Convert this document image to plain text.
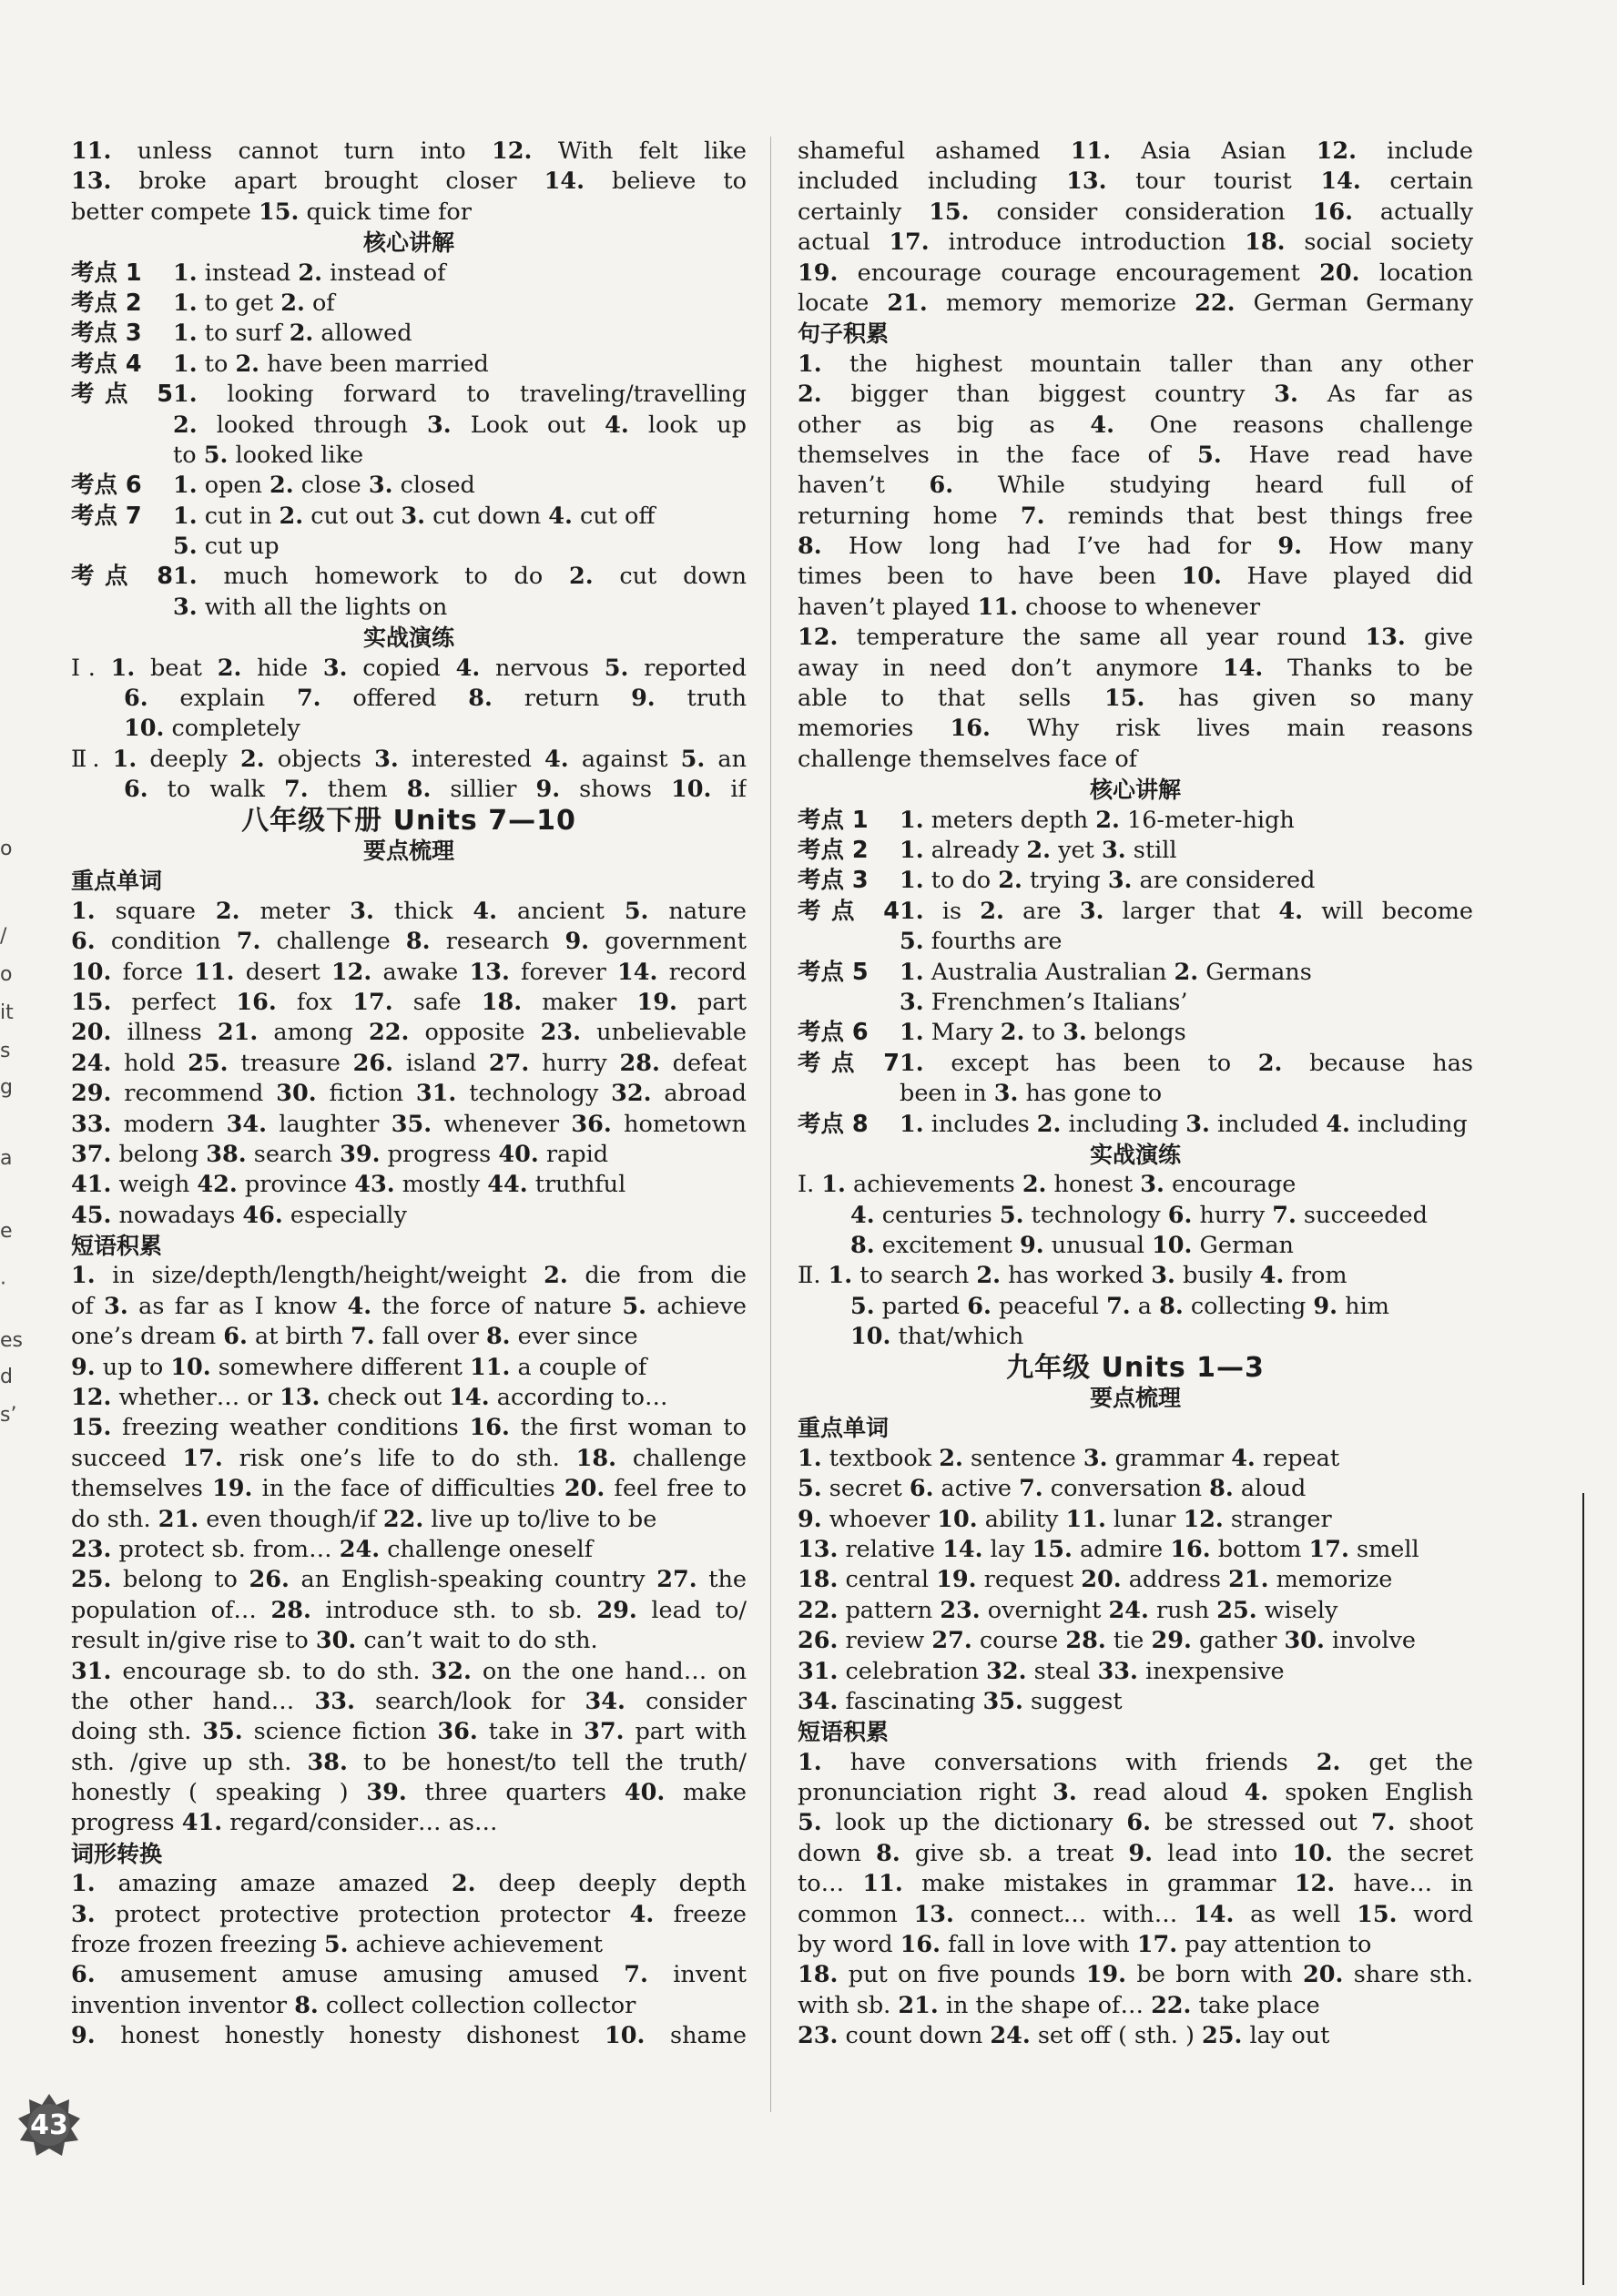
11. unless cannot turn into 12. With felt like
13. broke apart brought closer 14. believe to
better compete 15. quick time for
核心讲解
考点 1 1. instead 2. instead of
考点 2 1. to get 2. of
考点 3 1. to surf 2. allowed
考点 4 1. to 2. have been married
考点 51. looking forward to traveling/travelling
2. looked through 3. Look out 4. look up
to 5. looked like
考点 6 1. open 2. close 3. closed
考点 7 1. cut in 2. cut out 3. cut down 4. cut off
5. cut up
考点 81. much homework to do 2. cut down
3. with all the lights on
实战演练
Ⅰ. 1. beat 2. hide 3. copied 4. nervous 5. reported
6. explain 7. offered 8. return 9. truth
10. completely
Ⅱ. 1. deeply 2. objects 3. interested 4. against 5. an
6. to walk 7. them 8. sillier 9. shows 10. if
八年级下册 Units 7—10
要点梳理
重点单词
1. square 2. meter 3. thick 4. ancient 5. nature
6. condition 7. challenge 8. research 9. government
10. force 11. desert 12. awake 13. forever 14. record
15. perfect 16. fox 17. safe 18. maker 19. part
20. illness 21. among 22. opposite 23. unbelievable
24. hold 25. treasure 26. island 27. hurry 28. defeat
29. recommend 30. fiction 31. technology 32. abroad
33. modern 34. laughter 35. whenever 36. hometown
37. belong 38. search 39. progress 40. rapid
41. weigh 42. province 43. mostly 44. truthful
45. nowadays 46. especially
短语积累
1. in size/depth/length/height/weight 2. die from die
of 3. as far as I know 4. the force of nature 5. achieve
one’s dream 6. at birth 7. fall over 8. ever since
9. up to 10. somewhere different 11. a couple of
12. whether… or 13. check out 14. according to…
15. freezing weather conditions 16. the first woman to
succeed 17. risk one’s life to do sth. 18. challenge
themselves 19. in the face of difficulties 20. feel free to
do sth. 21. even though/if 22. live up to/live to be
23. protect sb. from… 24. challenge oneself
25. belong to 26. an English-speaking country 27. the
population of… 28. introduce sth. to sb. 29. lead to/
result in/give rise to 30. can’t wait to do sth.
31. encourage sb. to do sth. 32. on the one hand… on
the other hand… 33. search/look for 34. consider
doing sth. 35. science fiction 36. take in 37. part with
sth. /give up sth. 38. to be honest/to tell the truth/
honestly ( speaking ) 39. three quarters 40. make
progress 41. regard/consider… as…
词形转换
1. amazing amaze amazed 2. deep deeply depth
3. protect protective protection protector 4. freeze
froze frozen freezing 5. achieve achievement
6. amusement amuse amusing amused 7. invent
invention inventor 8. collect collection collector
9. honest honestly honesty dishonest 10. shame
shameful ashamed 11. Asia Asian 12. include
included including 13. tour tourist 14. certain
certainly 15. consider consideration 16. actually
actual 17. introduce introduction 18. social society
19. encourage courage encouragement 20. location
locate 21. memory memorize 22. German Germany
句子积累
1. the highest mountain taller than any other
2. bigger than biggest country 3. As far as
other as big as 4. One reasons challenge
themselves in the face of 5. Have read have
haven’t 6. While studying heard full of
returning home 7. reminds that best things free
8. How long had I’ve had for 9. How many
times been to have been 10. Have played did
haven’t played 11. choose to whenever
12. temperature the same all year round 13. give
away in need don’t anymore 14. Thanks to be
able to that sells 15. has given so many
memories 16. Why risk lives main reasons
challenge themselves face of
核心讲解
考点 1 1. meters depth 2. 16-meter-high
考点 2 1. already 2. yet 3. still
考点 3 1. to do 2. trying 3. are considered
考点 41. is 2. are 3. larger that 4. will become
5. fourths are
考点 5 1. Australia Australian 2. Germans
3. Frenchmen’s Italians’
考点 6 1. Mary 2. to 3. belongs
考点 71. except has been to 2. because has
been in 3. has gone to
考点 8 1. includes 2. including 3. included 4. including
实战演练
Ⅰ. 1. achievements 2. honest 3. encourage
4. centuries 5. technology 6. hurry 7. succeeded
8. excitement 9. unusual 10. German
Ⅱ. 1. to search 2. has worked 3. busily 4. from
5. parted 6. peaceful 7. a 8. collecting 9. him
10. that/which
九年级 Units 1—3
要点梳理
重点单词
1. textbook 2. sentence 3. grammar 4. repeat
5. secret 6. active 7. conversation 8. aloud
9. whoever 10. ability 11. lunar 12. stranger
13. relative 14. lay 15. admire 16. bottom 17. smell
18. central 19. request 20. address 21. memorize
22. pattern 23. overnight 24. rush 25. wisely
26. review 27. course 28. tie 29. gather 30. involve
31. celebration 32. steal 33. inexpensive
34. fascinating 35. suggest
短语积累
1. have conversations with friends 2. get the
pronunciation right 3. read aloud 4. spoken English
5. look up the dictionary 6. be stressed out 7. shoot
down 8. give sb. a treat 9. lead into 10. the secret
to… 11. make mistakes in grammar 12. have… in
common 13. connect… with… 14. as well 15. word
by word 16. fall in love with 17. pay attention to
18. put on five pounds 19. be born with 20. share sth.
with sb. 21. in the shape of… 22. take place
23. count down 24. set off ( sth. ) 25. lay out
o
/
o
it
s
g
a
e
·
es
d
s’
43
